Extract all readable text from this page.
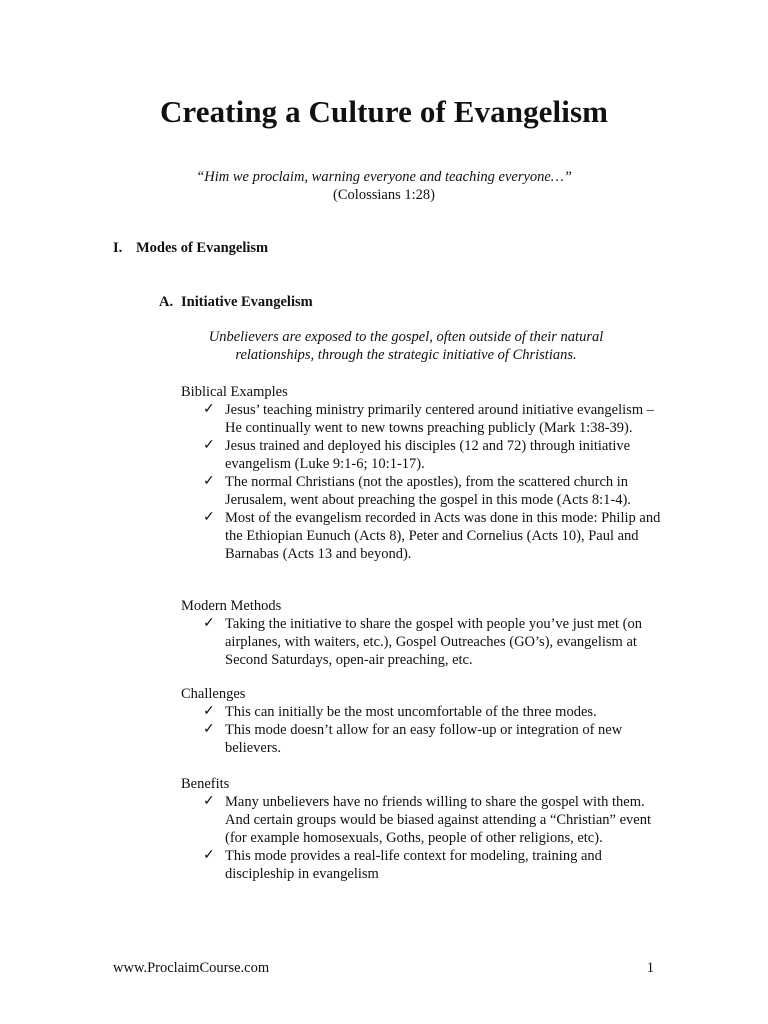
Creating a Culture of Evangelism
“Him we proclaim, warning everyone and teaching everyone…”
(Colossians 1:28)
I. Modes of Evangelism
A. Initiative Evangelism
Unbelievers are exposed to the gospel, often outside of their natural relationships, through the strategic initiative of Christians.

Biblical Examples

✓ Jesus’ teaching ministry primarily centered around initiative evangelism – He continually went to new towns preaching publicly (Mark 1:38-39).
✓ Jesus trained and deployed his disciples (12 and 72) through initiative evangelism (Luke 9:1-6; 10:1-17).
✓ The normal Christians (not the apostles), from the scattered church in Jerusalem, went about preaching the gospel in this mode (Acts 8:1-4).
✓ Most of the evangelism recorded in Acts was done in this mode: Philip and the Ethiopian Eunuch (Acts 8), Peter and Cornelius (Acts 10), Paul and Barnabas (Acts 13 and beyond).

Modern Methods

✓ Taking the initiative to share the gospel with people you’ve just met (on airplanes, with waiters, etc.), Gospel Outreaches (GO’s), evangelism at Second Saturdays, open-air preaching, etc.

Challenges

✓ This can initially be the most uncomfortable of the three modes.
✓ This mode doesn’t allow for an easy follow-up or integration of new believers.

Benefits

✓ Many unbelievers have no friends willing to share the gospel with them. And certain groups would be biased against attending a “Christian” event (for example homosexuals, Goths, people of other religions, etc).
✓ This mode provides a real-life context for modeling, training and discipleship in evangelism
www.ProclaimCourse.com	1
